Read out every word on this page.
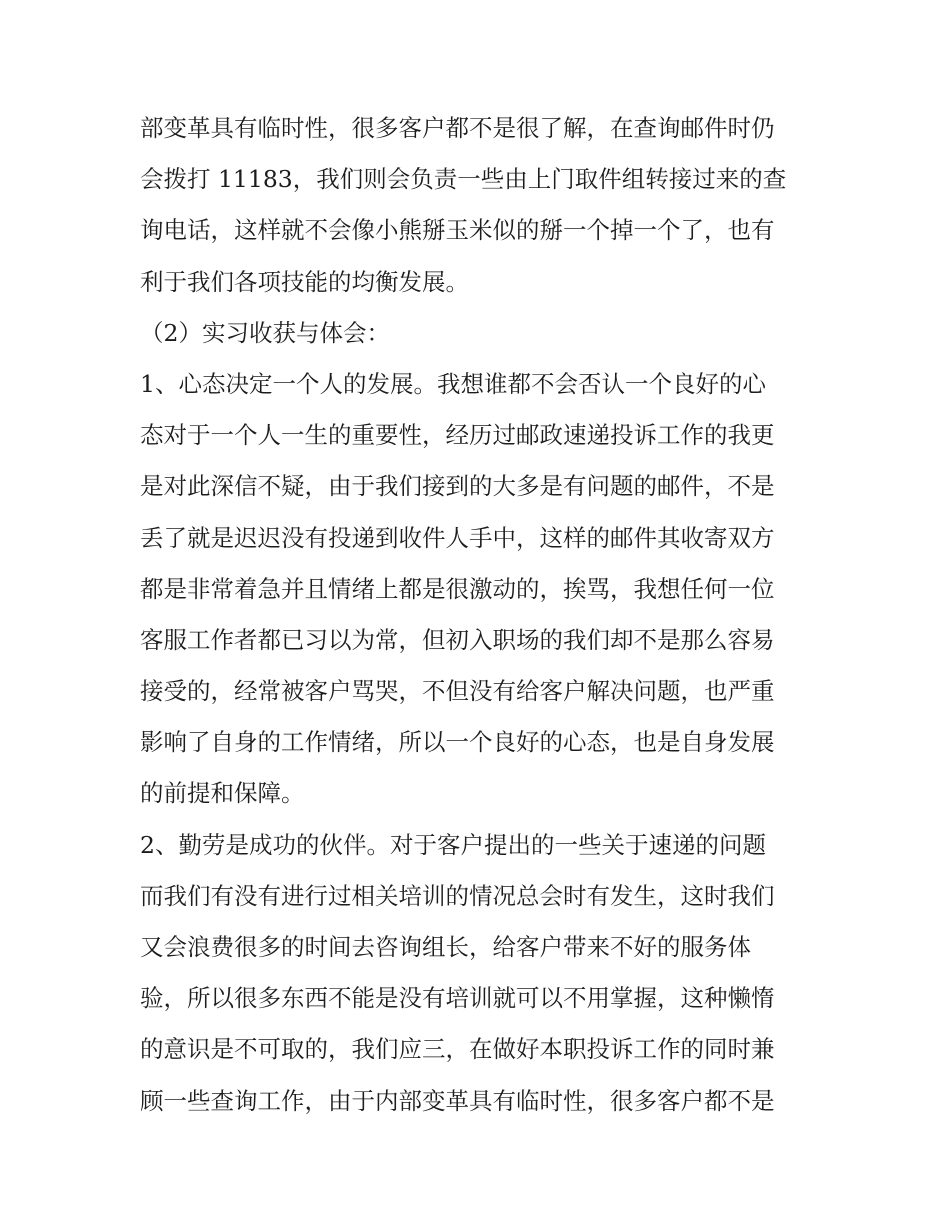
部变革具有临时性，很多客户都不是很了解，在查询邮件时仍
会拨打 11183，我们则会负责一些由上门取件组转接过来的查
询电话，这样就不会像小熊掰玉米似的掰一个掉一个了，也有
利于我们各项技能的均衡发展。
（2）实习收获与体会：
1、心态决定一个人的发展。我想谁都不会否认一个良好的心
态对于一个人一生的重要性，经历过邮政速递投诉工作的我更
是对此深信不疑，由于我们接到的大多是有问题的邮件，不是
丢了就是迟迟没有投递到收件人手中，这样的邮件其收寄双方
都是非常着急并且情绪上都是很激动的，挨骂，我想任何一位
客服工作者都已习以为常，但初入职场的我们却不是那么容易
接受的，经常被客户骂哭，不但没有给客户解决问题，也严重
影响了自身的工作情绪，所以一个良好的心态，也是自身发展
的前提和保障。
2、勤劳是成功的伙伴。对于客户提出的一些关于速递的问题
而我们有没有进行过相关培训的情况总会时有发生，这时我们
又会浪费很多的时间去咨询组长，给客户带来不好的服务体
验，所以很多东西不能是没有培训就可以不用掌握，这种懒惰
的意识是不可取的，我们应三，在做好本职投诉工作的同时兼
顾一些查询工作，由于内部变革具有临时性，很多客户都不是
